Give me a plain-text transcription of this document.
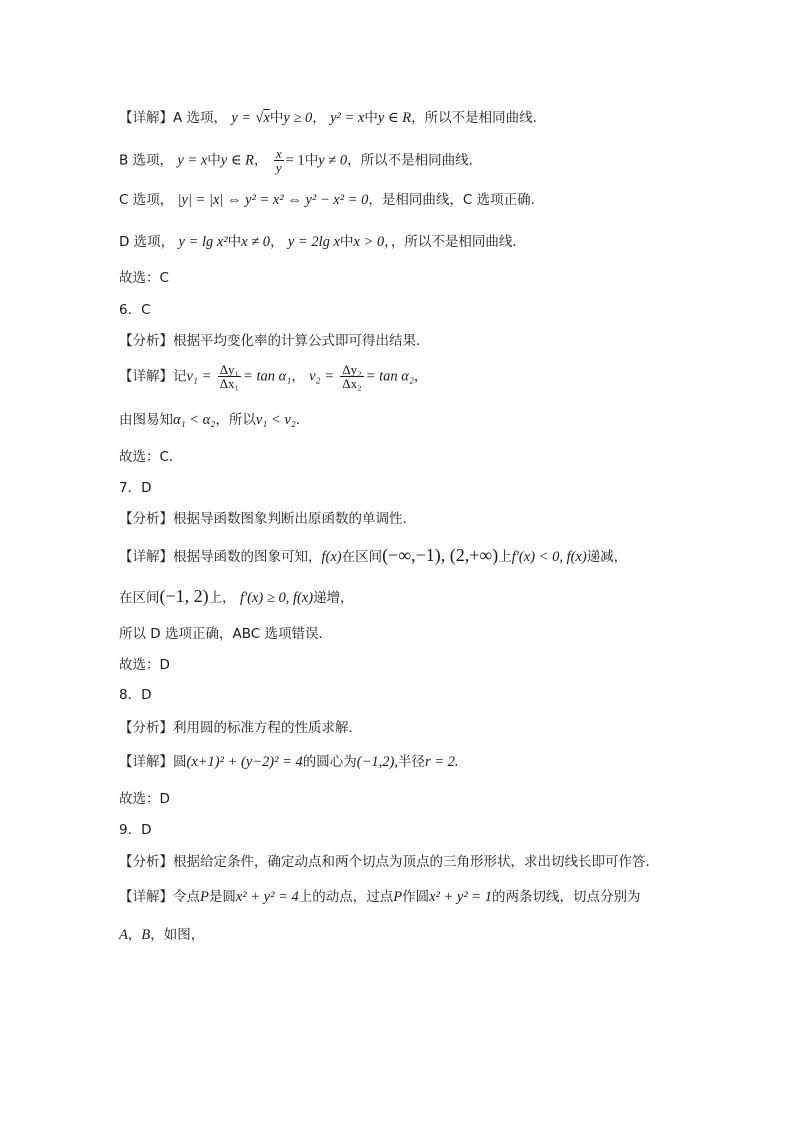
【详解】A 选项， y = √x中y ≥ 0， y² = x中y ∈ R，所以不是相同曲线.
B 选项， y = x中y ∈ R， $\frac{x}{y} = 1$中y ≠ 0，所以不是相同曲线.
C 选项， |y| = |x| ⇔ y² = x² ⇔ y² − x² = 0，是相同曲线，C 选项正确.
D 选项， y = lg x²中x ≠ 0， y = 2lg x中x > 0，，所以不是相同曲线.
故选：C
6．C
【分析】根据平均变化率的计算公式即可得出结果．
【详解】记$v_1 = \frac{\text{Δy₁}}{\text{Δx₁}} = \tan \alpha_1$， $v_2 = \frac{\text{Δy₂}}{\text{Δx₂}} = \tan \alpha_2$，
由图易知α₁ < α₂，所以v₁ < v₂．
故选：C．
7．D
【分析】根据导函数图象判断出原函数的单调性.
【详解】根据导函数的图象可知，f(x)在区间(−∞,−1), (2,+∞)上f′(x) < 0, f(x)递减，
在区间(−1, 2)上， f′(x) ≥ 0, f(x)递增，
所以 D 选项正确，ABC 选项错误.
故选：D
8．D
【分析】利用圆的标准方程的性质求解．
【详解】圆(x+1)² + (y−2)² = 4的圆心为(−1,2),半径r = 2.
故选：D
9．D
【分析】根据给定条件，确定动点和两个切点为顶点的三角形形状，求出切线长即可作答.
【详解】令点P是圆x² + y² = 4上的动点，过点P作圆x² + y² = 1的两条切线，切点分别为
A，B，如图，
